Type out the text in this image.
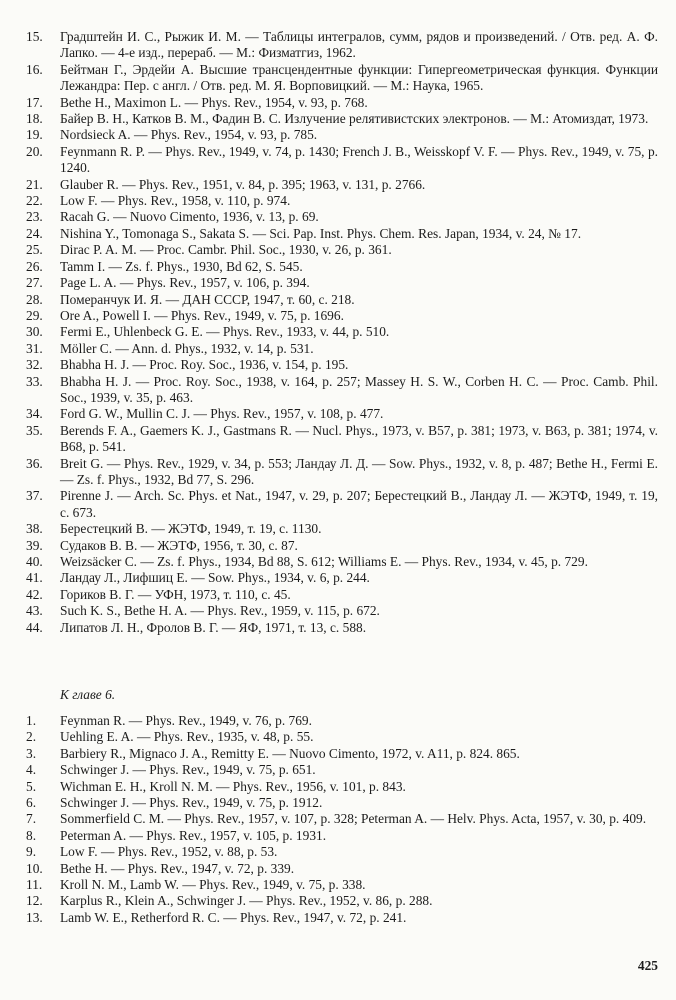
15.	Градштейн И. С., Рыжик И. М. — Таблицы интегралов, сумм, рядов и произведений. / Отв. ред. А. Ф. Лапко. — 4-е изд., перераб. — М.: Физматгиз, 1962.
16.	Бейтман Г., Эрдейи А. Высшие трансцендентные функции: Гипергеометрическая функция. Функции Лежандра: Пер. с англ. / Отв. ред. М. Я. Ворповицкий. — М.: Наука, 1965.
17.	Bethe H., Maximon L. — Phys. Rev., 1954, v. 93, p. 768.
18.	Байер В. Н., Катков В. М., Фадин В. С. Излучение релятивистских электронов. — М.: Атомиздат, 1973.
19.	Nordsieck A. — Phys. Rev., 1954, v. 93, p. 785.
20.	Feynmann R. P. — Phys. Rev., 1949, v. 74, p. 1430; French J. B., Weisskopf V. F. — Phys. Rev., 1949, v. 75, p. 1240.
21.	Glauber R. — Phys. Rev., 1951, v. 84, p. 395; 1963, v. 131, p. 2766.
22.	Low F. — Phys. Rev., 1958, v. 110, p. 974.
23.	Racah G. — Nuovo Cimento, 1936, v. 13, p. 69.
24.	Nishina Y., Tomonaga S., Sakata S. — Sci. Pap. Inst. Phys. Chem. Res. Japan, 1934, v. 24, № 17.
25.	Dirac P. A. M. — Proc. Cambr. Phil. Soc., 1930, v. 26, p. 361.
26.	Tamm I. — Zs. f. Phys., 1930, Bd 62, S. 545.
27.	Page L. A. — Phys. Rev., 1957, v. 106, p. 394.
28.	Померанчук И. Я. — ДАН СССР, 1947, т. 60, с. 218.
29.	Ore A., Powell I. — Phys. Rev., 1949, v. 75, p. 1696.
30.	Fermi E., Uhlenbeck G. E. — Phys. Rev., 1933, v. 44, p. 510.
31.	Möller C. — Ann. d. Phys., 1932, v. 14, p. 531.
32.	Bhabha H. J. — Proc. Roy. Soc., 1936, v. 154, p. 195.
33.	Bhabha H. J. — Proc. Roy. Soc., 1938, v. 164, p. 257; Massey H. S. W., Corben H. C. — Proc. Camb. Phil. Soc., 1939, v. 35, p. 463.
34.	Ford G. W., Mullin C. J. — Phys. Rev., 1957, v. 108, p. 477.
35.	Berends F. A., Gaemers K. J., Gastmans R. — Nucl. Phys., 1973, v. B57, p. 381; 1973, v. B63, p. 381; 1974, v. B68, p. 541.
36.	Breit G. — Phys. Rev., 1929, v. 34, p. 553; Ландау Л. Д. — Sow. Phys., 1932, v. 8, p. 487; Bethe H., Fermi E. — Zs. f. Phys., 1932, Bd 77, S. 296.
37.	Pirenne J. — Arch. Sc. Phys. et Nat., 1947, v. 29, p. 207; Берестецкий В., Ландау Л. — ЖЭТФ, 1949, т. 19, с. 673.
38.	Берестецкий В. — ЖЭТФ, 1949, т. 19, с. 1130.
39.	Судаков В. В. — ЖЭТФ, 1956, т. 30, с. 87.
40.	Weizsäcker C. — Zs. f. Phys., 1934, Bd 88, S. 612; Williams E. — Phys. Rev., 1934, v. 45, p. 729.
41.	Ландау Л., Лифшиц Е. — Sow. Phys., 1934, v. 6, p. 244.
42.	Гориков В. Г. — УФН, 1973, т. 110, с. 45.
43.	Such K. S., Bethe H. A. — Phys. Rev., 1959, v. 115, p. 672.
44.	Липатов Л. Н., Фролов В. Г. — ЯФ, 1971, т. 13, с. 588.
К главе 6.
1.	Feynman R. — Phys. Rev., 1949, v. 76, p. 769.
2.	Uehling E. A. — Phys. Rev., 1935, v. 48, p. 55.
3.	Barbiery R., Mignaco J. A., Remitty E. — Nuovo Cimento, 1972, v. A11, p. 824. 865.
4.	Schwinger J. — Phys. Rev., 1949, v. 75, p. 651.
5.	Wichman E. H., Kroll N. M. — Phys. Rev., 1956, v. 101, p. 843.
6.	Schwinger J. — Phys. Rev., 1949, v. 75, p. 1912.
7.	Sommerfield C. M. — Phys. Rev., 1957, v. 107, p. 328; Peterman A. — Helv. Phys. Acta, 1957, v. 30, p. 409.
8.	Peterman A. — Phys. Rev., 1957, v. 105, p. 1931.
9.	Low F. — Phys. Rev., 1952, v. 88, p. 53.
10.	Bethe H. — Phys. Rev., 1947, v. 72, p. 339.
11.	Kroll N. M., Lamb W. — Phys. Rev., 1949, v. 75, p. 338.
12.	Karplus R., Klein A., Schwinger J. — Phys. Rev., 1952, v. 86, p. 288.
13.	Lamb W. E., Retherford R. C. — Phys. Rev., 1947, v. 72, p. 241.
425
